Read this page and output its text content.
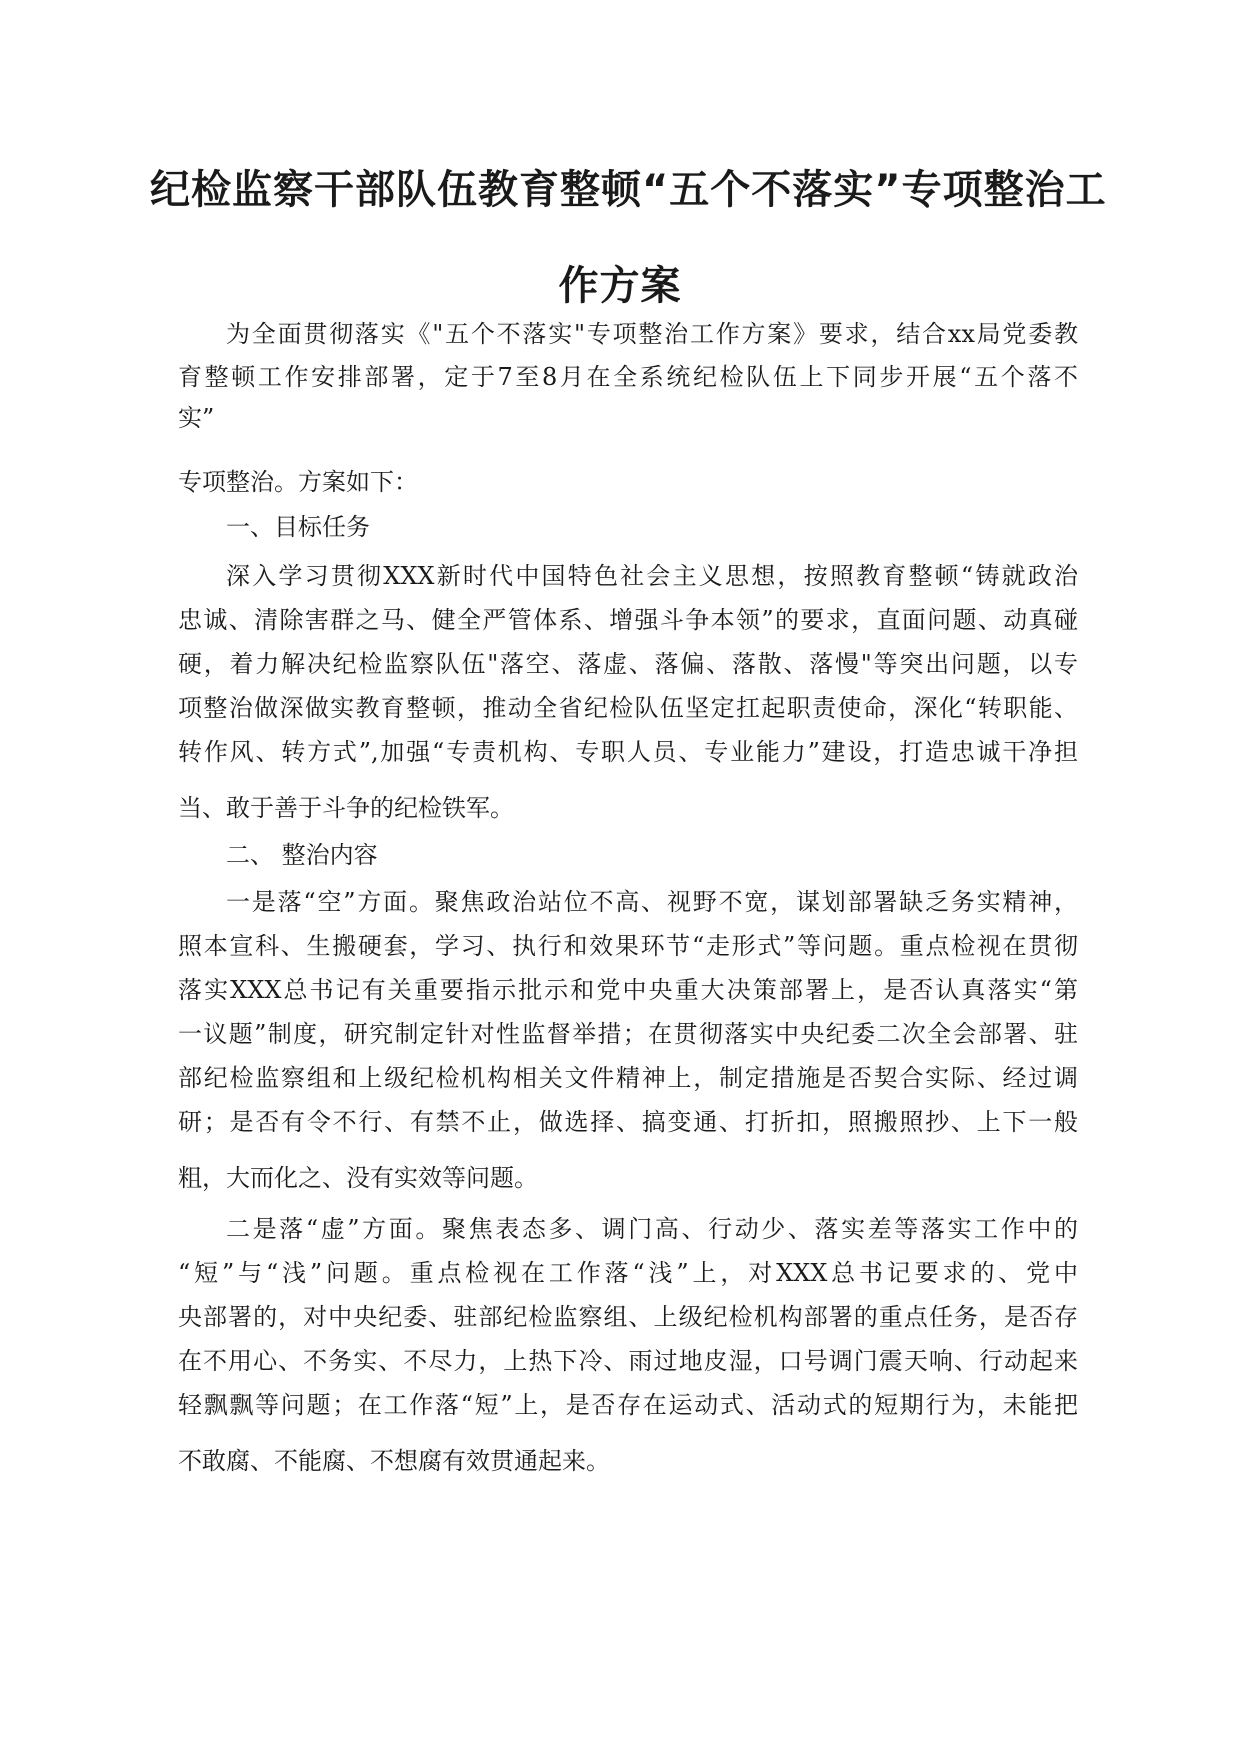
纪检监察干部队伍教育整顿“五个不落实”专项整治工
作方案

为全面贯彻落实《"五个不落实"专项整治工作方案》要求，结合xx局党委教

育整顿工作安排部署，定于7至8月在全系统纪检队伍上下同步开展“五个落不

实”

专项整治。方案如下：

一、目标任务

深入学习贯彻XXX新时代中国特色社会主义思想，按照教育整顿“铸就政治

忠诚、清除害群之马、健全严管体系、增强斗争本领”的要求，直面问题、动真碰

硬，着力解决纪检监察队伍"落空、落虚、落偏、落散、落慢"等突出问题，以专

项整治做深做实教育整顿，推动全省纪检队伍坚定扛起职责使命，深化“转职能、

转作风、转方式”,加强“专责机构、专职人员、专业能力”建设，打造忠诚干净担

当、敢于善于斗争的纪检铁军。

二、 整治内容

一是落“空”方面。聚焦政治站位不高、视野不宽，谋划部署缺乏务实精神，

照本宣科、生搬硬套，学习、执行和效果环节“走形式”等问题。重点检视在贯彻

落实XXX总书记有关重要指示批示和党中央重大决策部署上，是否认真落实“第

一议题”制度，研究制定针对性监督举措；在贯彻落实中央纪委二次全会部署、驻

部纪检监察组和上级纪检机构相关文件精神上，制定措施是否契合实际、经过调

研；是否有令不行、有禁不止，做选择、搞变通、打折扣，照搬照抄、上下一般

粗，大而化之、没有实效等问题。

二是落“虚”方面。聚焦表态多、调门高、行动少、落实差等落实工作中的

“短”与“浅”问题。重点检视在工作落“浅”上，对XXX总书记要求的、党中

央部署的，对中央纪委、驻部纪检监察组、上级纪检机构部署的重点任务，是否存

在不用心、不务实、不尽力，上热下冷、雨过地皮湿，口号调门震天响、行动起来

轻飘飘等问题；在工作落“短”上，是否存在运动式、活动式的短期行为，未能把

不敢腐、不能腐、不想腐有效贯通起来。
